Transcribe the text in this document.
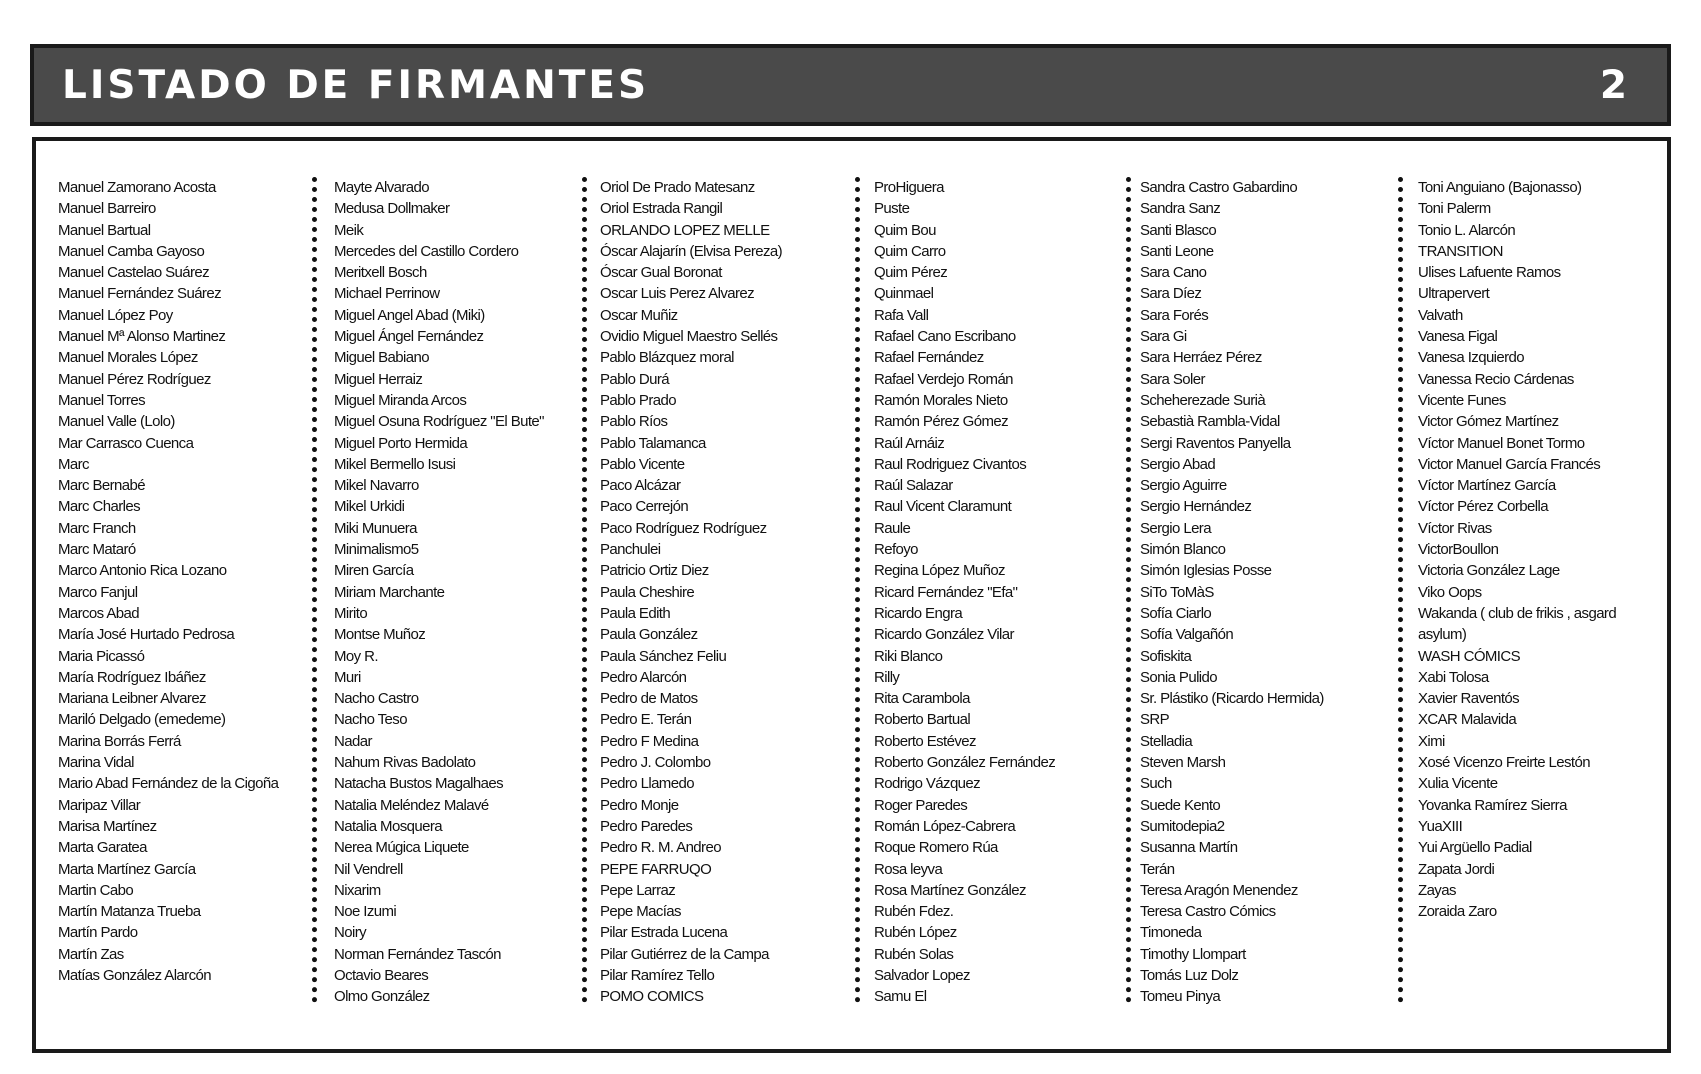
LISTADO DE FIRMANTES	2
Manuel Zamorano Acosta
Manuel Barreiro
Manuel Bartual
Manuel Camba Gayoso
Manuel Castelao Suárez
Manuel Fernández Suárez
Manuel López Poy
Manuel Mª Alonso Martinez
Manuel Morales López
Manuel Pérez Rodríguez
Manuel Torres
Manuel Valle (Lolo)
Mar Carrasco Cuenca
Marc
Marc Bernabé
Marc Charles
Marc Franch
Marc Mataró
Marco Antonio Rica Lozano
Marco Fanjul
Marcos Abad
María José Hurtado Pedrosa
Maria Picassó
María Rodríguez Ibáñez
Mariana Leibner Alvarez
Mariló Delgado (emedeme)
Marina Borrás Ferrá
Marina Vidal
Mario Abad Fernández de la Cigoña
Maripaz Villar
Marisa Martínez
Marta Garatea
Marta Martínez García
Martin Cabo
Martín Matanza Trueba
Martín Pardo
Martín Zas
Matías González Alarcón
Mayte Alvarado
Medusa Dollmaker
Meik
Mercedes del Castillo Cordero
Meritxell Bosch
Michael Perrinow
Miguel Angel Abad (Miki)
Miguel Ángel Fernández
Miguel Babiano
Miguel Herraiz
Miguel Miranda Arcos
Miguel Osuna Rodríguez "El Bute"
Miguel Porto Hermida
Mikel Bermello Isusi
Mikel Navarro
Mikel Urkidi
Miki Munuera
Minimalismo5
Miren García
Miriam Marchante
Mirito
Montse Muñoz
Moy R.
Muri
Nacho Castro
Nacho Teso
Nadar
Nahum Rivas Badolato
Natacha Bustos Magalhaes
Natalia Meléndez Malavé
Natalia Mosquera
Nerea Múgica Liquete
Nil Vendrell
Nixarim
Noe Izumi
Noiry
Norman Fernández Tascón
Octavio Beares
Olmo González
Oriol De Prado Matesanz
Oriol Estrada Rangil
ORLANDO LOPEZ MELLE
Óscar Alajarín (Elvisa Pereza)
Óscar Gual Boronat
Oscar Luis Perez Alvarez
Oscar Muñiz
Ovidio Miguel Maestro Sellés
Pablo Blázquez moral
Pablo Durá
Pablo Prado
Pablo Ríos
Pablo Talamanca
Pablo Vicente
Paco Alcázar
Paco Cerrejón
Paco Rodríguez Rodríguez
Panchulei
Patricio Ortiz Diez
Paula Cheshire
Paula Edith
Paula González
Paula Sánchez Feliu
Pedro Alarcón
Pedro de Matos
Pedro E. Terán
Pedro F Medina
Pedro J. Colombo
Pedro Llamedo
Pedro Monje
Pedro Paredes
Pedro R. M. Andreo
PEPE FARRUQO
Pepe Larraz
Pepe Macías
Pilar Estrada Lucena
Pilar Gutiérrez de la Campa
Pilar Ramírez Tello
POMO COMICS
ProHiguera
Puste
Quim Bou
Quim Carro
Quim Pérez
Quinmael
Rafa Vall
Rafael Cano Escribano
Rafael Fernández
Rafael Verdejo Román
Ramón Morales Nieto
Ramón Pérez Gómez
Raúl Arnáiz
Raul Rodriguez Civantos
Raúl Salazar
Raul Vicent Claramunt
Raule
Refoyo
Regina López Muñoz
Ricard Fernández "Efa"
Ricardo Engra
Ricardo González Vilar
Riki Blanco
Rilly
Rita Carambola
Roberto Bartual
Roberto Estévez
Roberto González Fernández
Rodrigo Vázquez
Roger Paredes
Román López-Cabrera
Roque Romero Rúa
Rosa leyva
Rosa Martínez González
Rubén Fdez.
Rubén López
Rubén Solas
Salvador Lopez
Samu El
Sandra Castro Gabardino
Sandra Sanz
Santi Blasco
Santi Leone
Sara Cano
Sara Díez
Sara Forés
Sara Gi
Sara Herráez Pérez
Sara Soler
Scheherezade Surià
Sebastià Rambla-Vidal
Sergi Raventos Panyella
Sergio Abad
Sergio Aguirre
Sergio Hernández
Sergio Lera
Simón Blanco
Simón Iglesias Posse
SiTo ToMàS
Sofía Ciarlo
Sofía Valgañón
Sofiskita
Sonia Pulido
Sr. Plástiko (Ricardo Hermida)
SRP
Stelladia
Steven Marsh
Such
Suede Kento
Sumitodepia2
Susanna Martín
Terán
Teresa Aragón Menendez
Teresa Castro Cómics
Timoneda
Timothy Llompart
Tomás Luz Dolz
Tomeu Pinya
Toni Anguiano (Bajonasso)
Toni Palerm
Tonio L. Alarcón
TRANSITION
Ulises Lafuente Ramos
Ultrapervert
Valvath
Vanesa Figal
Vanesa Izquierdo
Vanessa Recio Cárdenas
Vicente Funes
Victor Gómez Martínez
Víctor Manuel Bonet Tormo
Victor Manuel García Francés
Víctor Martínez García
Víctor Pérez Corbella
Víctor Rivas
VictorBoullon
Victoria González Lage
Viko Oops
Wakanda ( club de frikis , asgard asylum)
WASH CÓMICS
Xabi Tolosa
Xavier Raventós
XCAR Malavida
Ximi
Xosé Vicenzo Freirte Lestón
Xulia Vicente
Yovanka Ramírez Sierra
YuaXIII
Yui Argüello Padial
Zapata Jordi
Zayas
Zoraida Zaro
